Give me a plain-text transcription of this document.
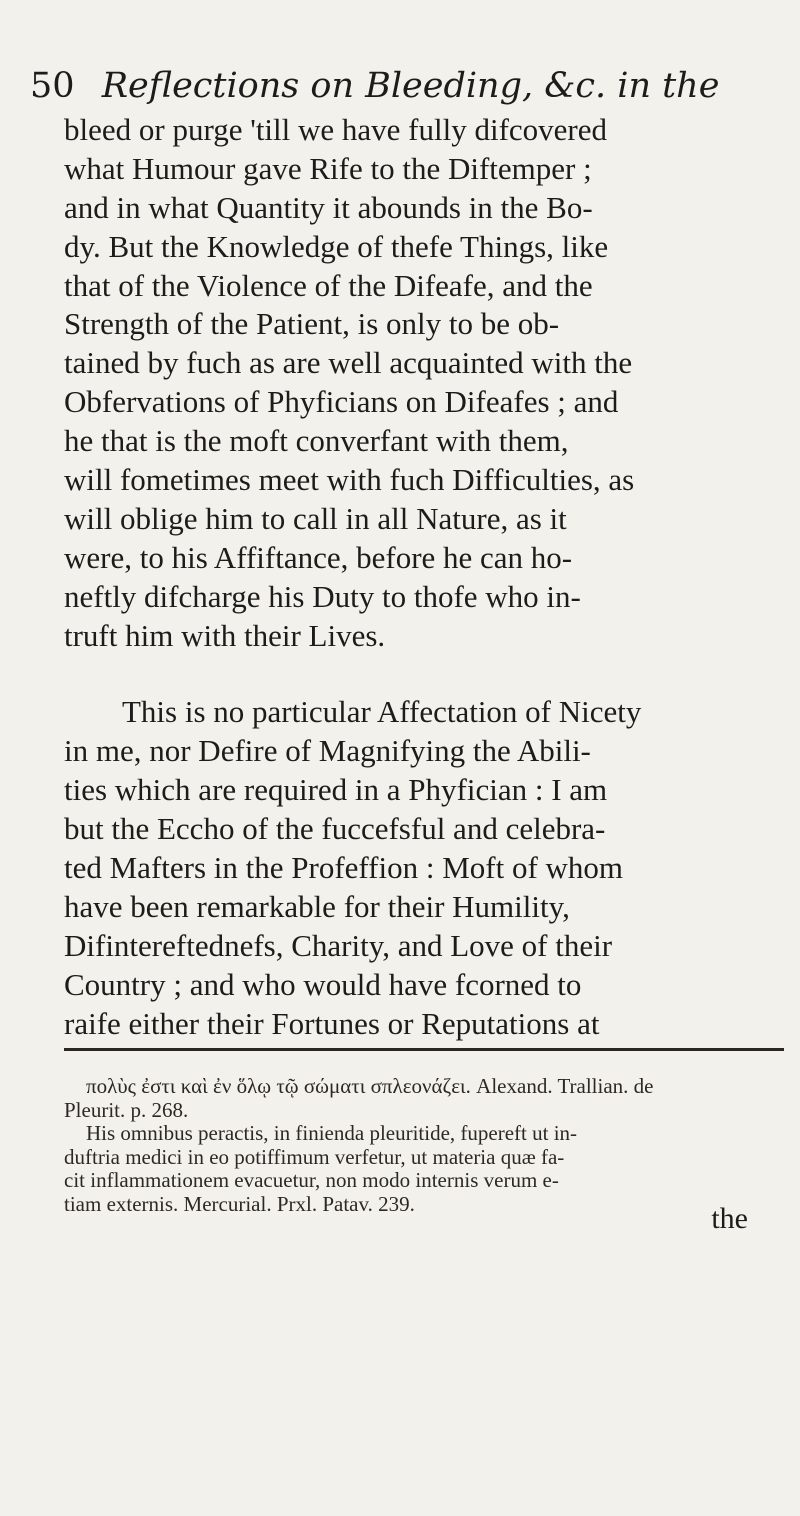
50 Reflections on Bleeding, &c. in the
bleed or purge 'till we have fully difcovered
what Humour gave Rife to the Diftemper ;
and in what Quantity it abounds in the Bo-
dy. But the Knowledge of thefe Things, like
that of the Violence of the Difeafe, and the
Strength of the Patient, is only to be ob-
tained by fuch as are well acquainted with the
Obfervations of Phyficians on Difeafes ; and
he that is the moft converfant with them,
will fometimes meet with fuch Difficulties, as
will oblige him to call in all Nature, as it
were, to his Affiftance, before he can ho-
neftly difcharge his Duty to thofe who in-
truft him with their Lives.
This is no particular Affectation of Nicety
in me, nor Defire of Magnifying the Abili-
ties which are required in a Phyfician : I am
but the Eccho of the fuccefsful and celebra-
ted Mafters in the Profeffion : Moft of whom
have been remarkable for their Humility,
Difintereftednefs, Charity, and Love of their
Country ; and who would have fcorned to
raife either their Fortunes or Reputations at
πολὺς ἐστι καὶ ἐν ὅλῳ τῷ σώματι σπλεονάζει. Alexand. Trallian. de
Pleurit. p. 268.
His omnibus peractis, in finienda pleuritide, fupereft ut in-
duftria medici in eo potiffimum verfetur, ut materia quæ fa-
cit inflammationem evacuetur, non modo internis verum e-
tiam externis. Mercurial. Prxl. Patav. 239.	the
